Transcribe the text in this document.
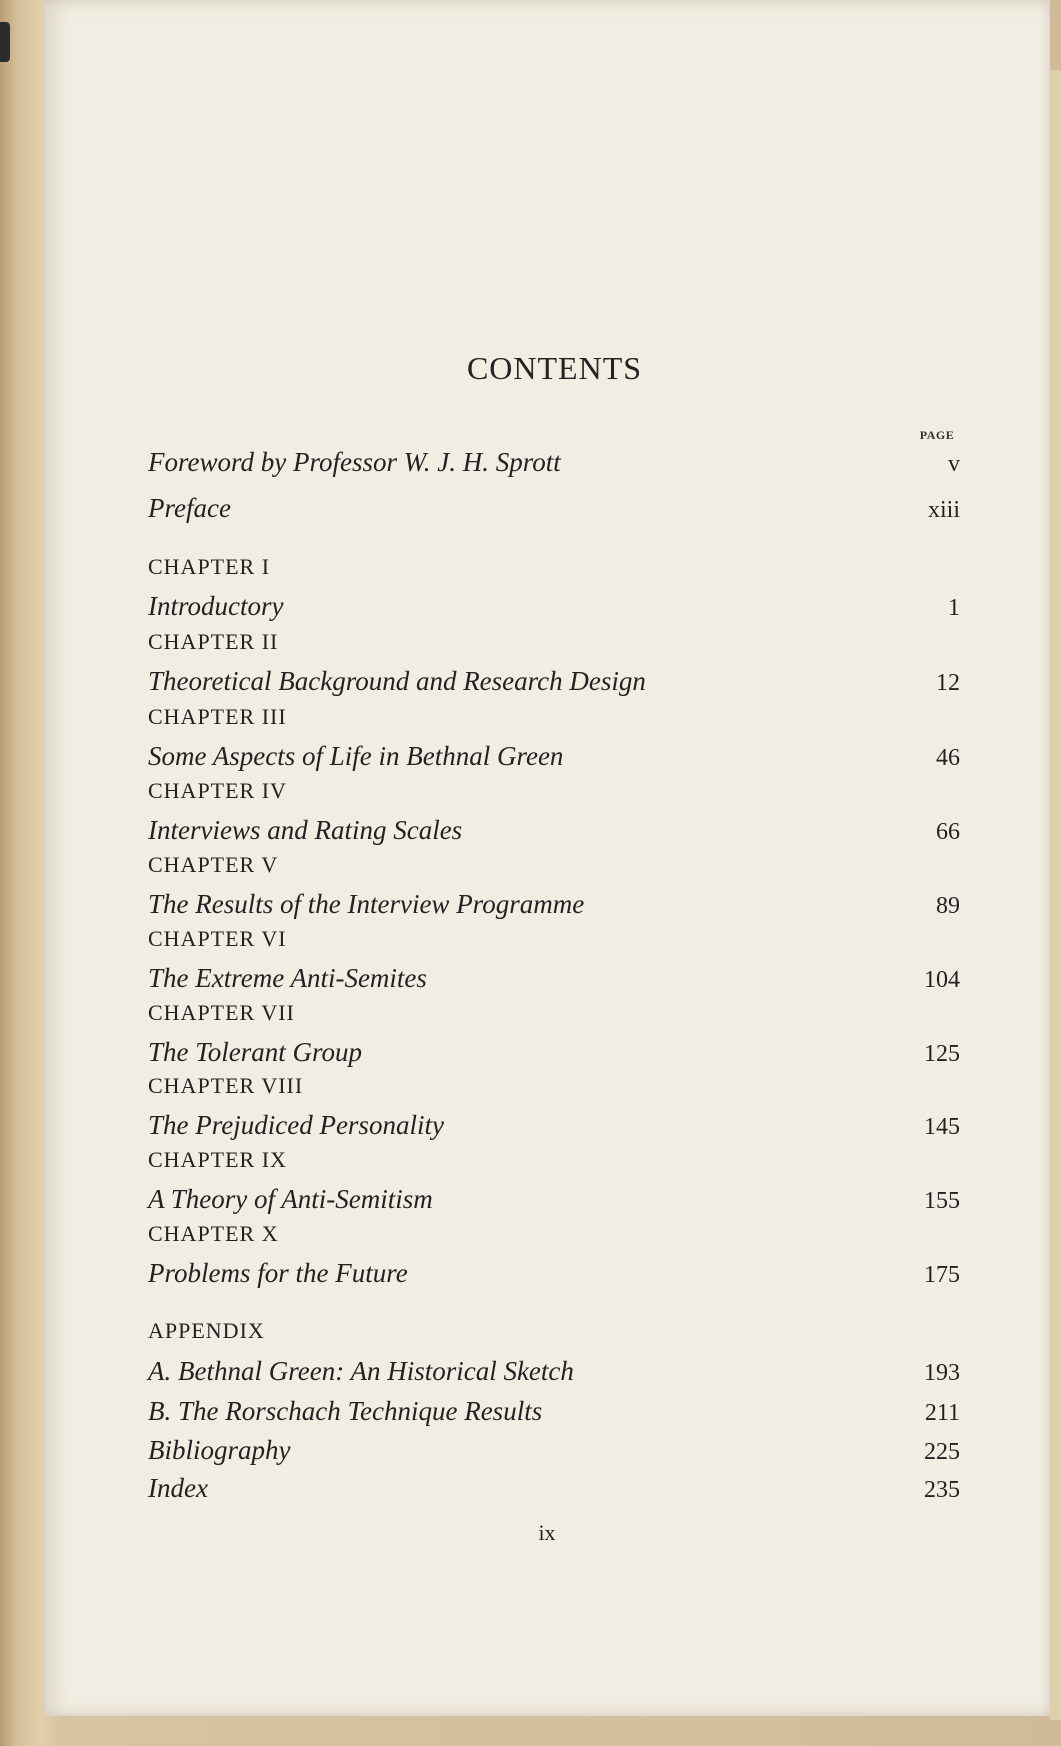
CONTENTS
PAGE
Foreword by Professor W. J. H. Sprott	v
Preface	xiii
CHAPTER I
Introductory	1
CHAPTER II
Theoretical Background and Research Design	12
CHAPTER III
Some Aspects of Life in Bethnal Green	46
CHAPTER IV
Interviews and Rating Scales	66
CHAPTER V
The Results of the Interview Programme	89
CHAPTER VI
The Extreme Anti-Semites	104
CHAPTER VII
The Tolerant Group	125
CHAPTER VIII
The Prejudiced Personality	145
CHAPTER IX
A Theory of Anti-Semitism	155
CHAPTER X
Problems for the Future	175
APPENDIX
A. Bethnal Green: An Historical Sketch	193
B. The Rorschach Technique Results	211
Bibliography	225
Index	235
ix
